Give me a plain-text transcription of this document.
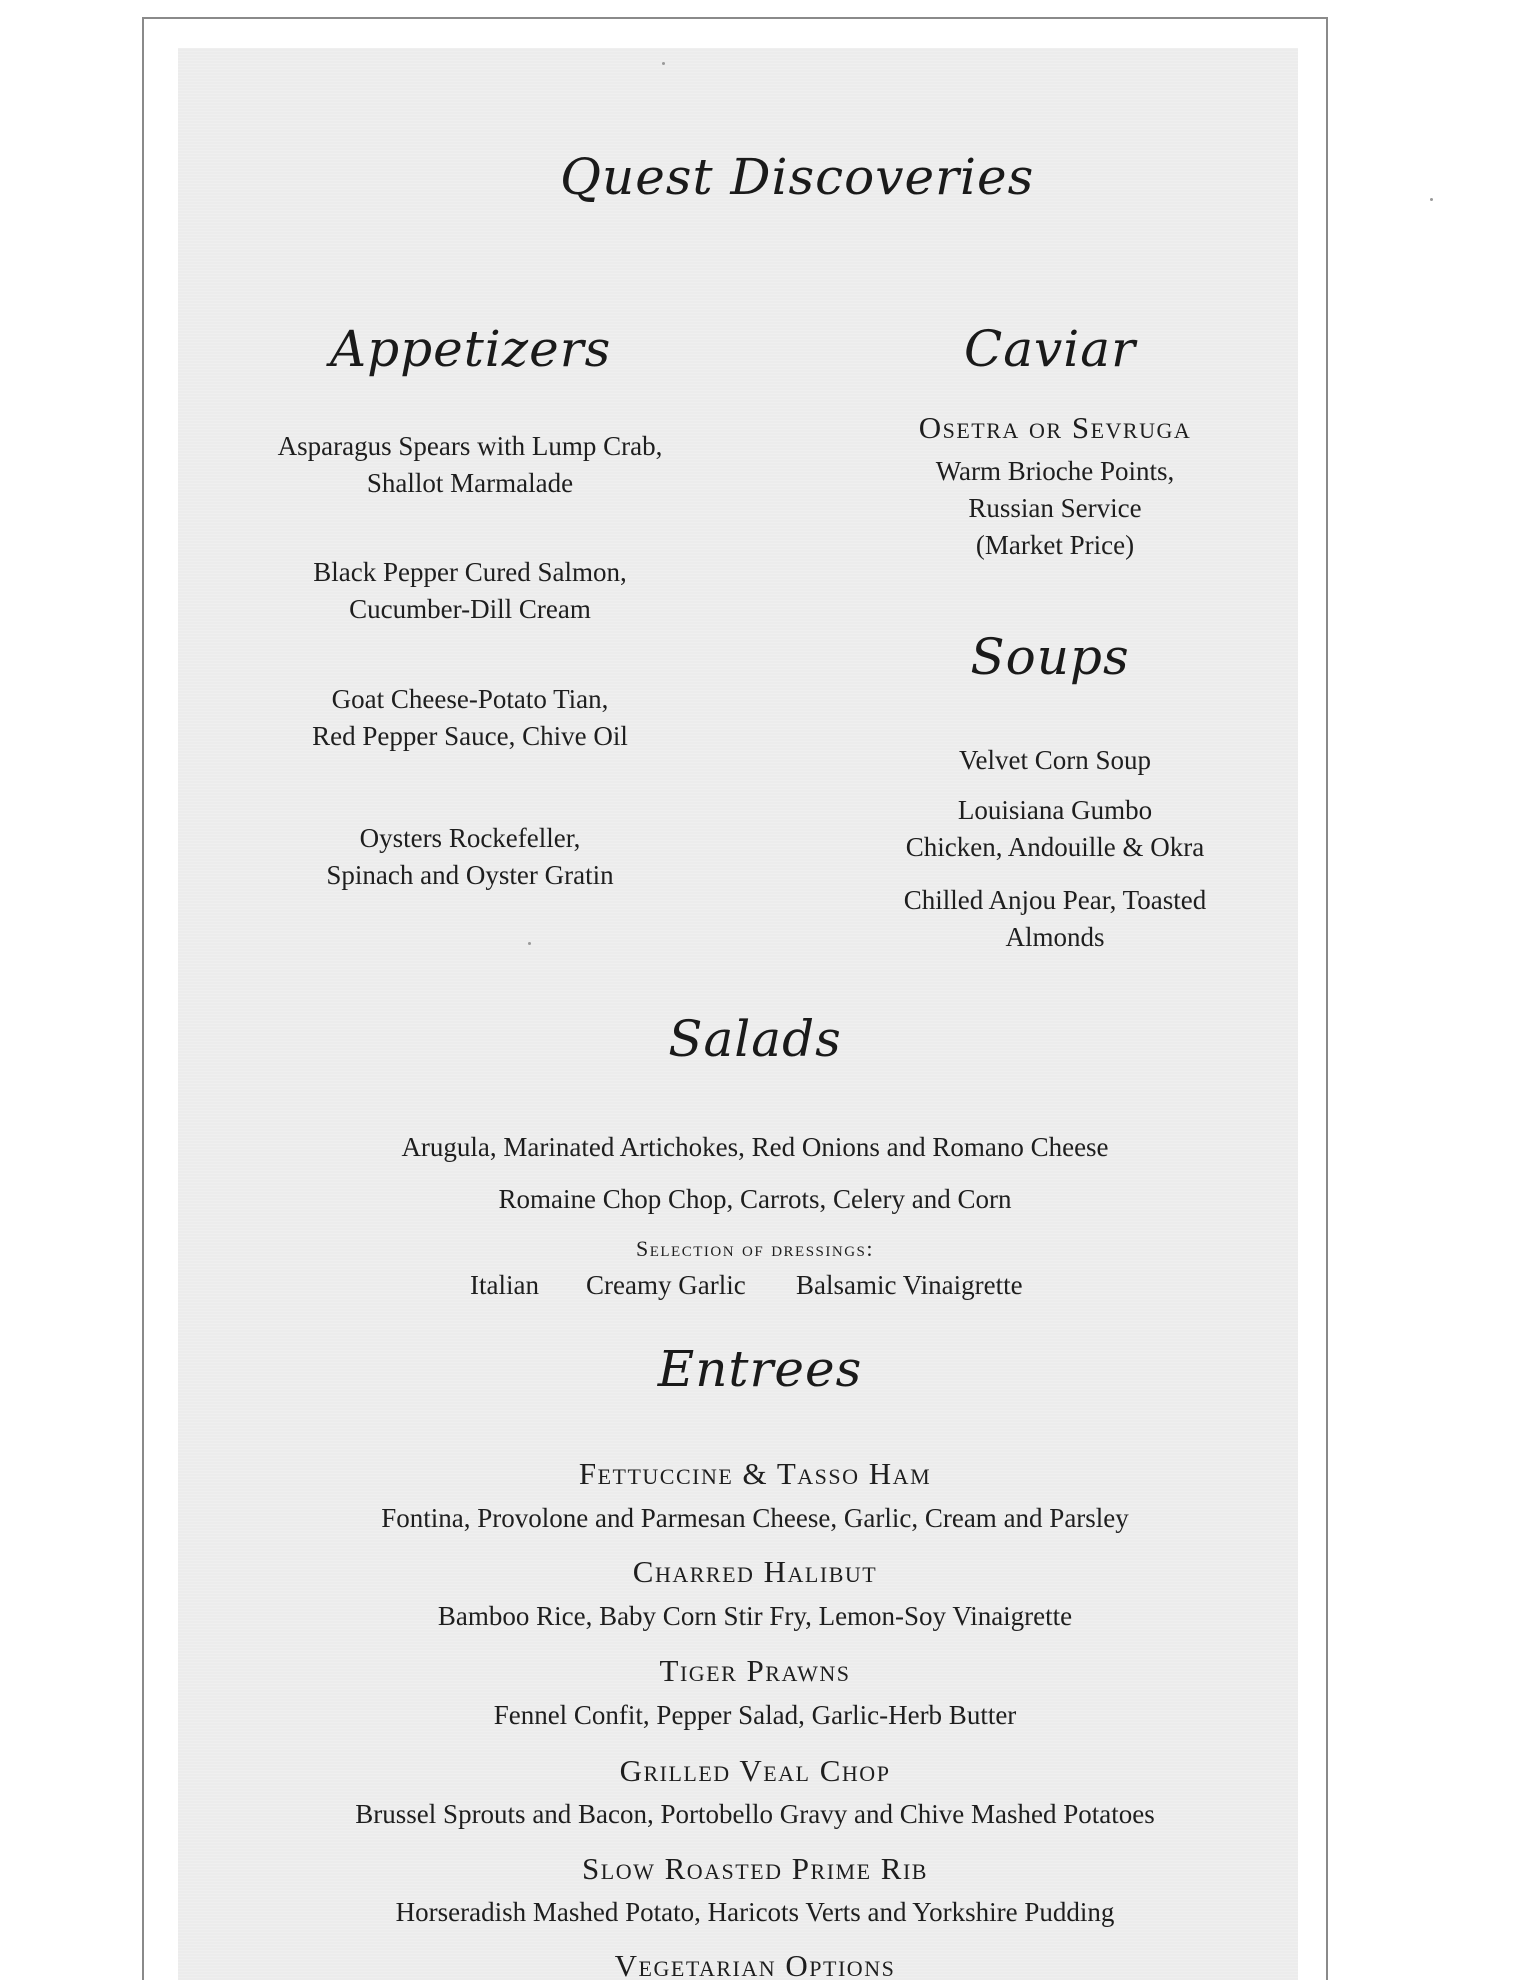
Quest Discoveries
Appetizers
Asparagus Spears with Lump Crab,
Shallot Marmalade
Black Pepper Cured Salmon,
Cucumber-Dill Cream
Goat Cheese-Potato Tian,
Red Pepper Sauce, Chive Oil
Oysters Rockefeller,
Spinach and Oyster Gratin
Caviar
Osetra or Sevruga
Warm Brioche Points,
Russian Service
(Market Price)
Soups
Velvet Corn Soup
Louisiana Gumbo
Chicken, Andouille & Okra
Chilled Anjou Pear, Toasted
Almonds
Salads
Arugula, Marinated Artichokes, Red Onions and Romano Cheese
Romaine Chop Chop, Carrots, Celery and Corn
Selection of dressings:
Italian Creamy Garlic Balsamic Vinaigrette
Entrees
Fettuccine & Tasso Ham
Fontina, Provolone and Parmesan Cheese, Garlic, Cream and Parsley
Charred Halibut
Bamboo Rice, Baby Corn Stir Fry, Lemon-Soy Vinaigrette
Tiger Prawns
Fennel Confit, Pepper Salad, Garlic-Herb Butter
Grilled Veal Chop
Brussel Sprouts and Bacon, Portobello Gravy and Chive Mashed Potatoes
Slow Roasted Prime Rib
Horseradish Mashed Potato, Haricots Verts and Yorkshire Pudding
Vegetarian Options
